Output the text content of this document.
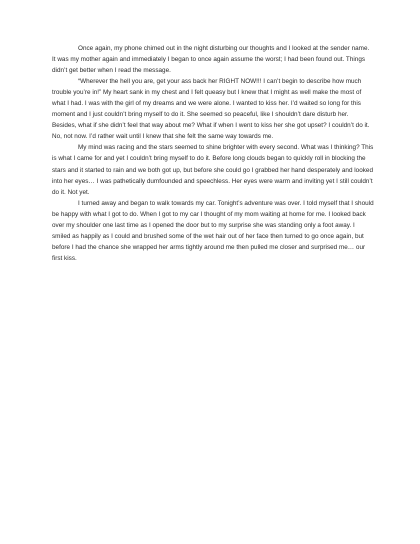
Once again, my phone chimed out in the night disturbing our thoughts and I looked at the sender name. It was my mother again and immediately I began to once again assume the worst; I had been found out. Things didn’t get better when I read the message.

“Wherever the hell you are, get your ass back her RIGHT NOW!!! I can’t begin to describe how much trouble you’re in!” My heart sank in my chest and I felt queasy but I knew that I might as well make the most of what I had. I was with the girl of my dreams and we were alone. I wanted to kiss her. I’d waited so long for this moment and I just couldn’t bring myself to do it. She seemed so peaceful, like I shouldn’t dare disturb her. Besides, what if she didn’t feel that way about me? What if when I went to kiss her she got upset? I couldn’t do it. No, not now. I’d rather wait until I knew that she felt the same way towards me.

My mind was racing and the stars seemed to shine brighter with every second. What was I thinking? This is what I came for and yet I couldn’t bring myself to do it. Before long clouds began to quickly roll in blocking the stars and it started to rain and we both got up, but before she could go I grabbed her hand desperately and looked into her eyes… I was pathetically dumfounded and speechless. Her eyes were warm and inviting yet I still couldn’t do it. Not yet.

I turned away and began to walk towards my car. Tonight’s adventure was over. I told myself that I should be happy with what I got to do. When I got to my car I thought of my mom waiting at home for me. I looked back over my shoulder one last time as I opened the door but to my surprise she was standing only a foot away. I smiled as happily as I could and brushed some of the wet hair out of her face then turned to go once again, but before I had the chance she wrapped her arms tightly around me then pulled me closer and surprised me… our first kiss.
